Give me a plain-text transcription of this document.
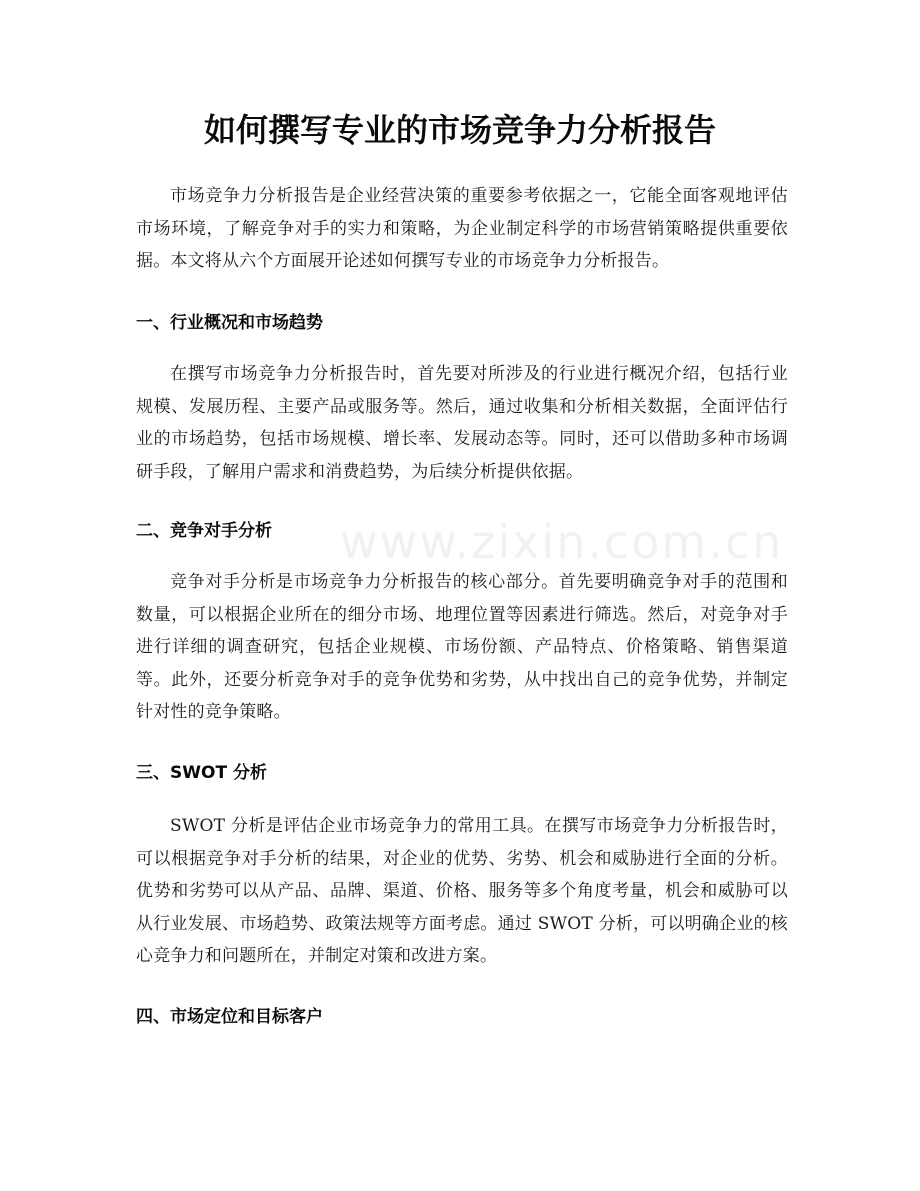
如何撰写专业的市场竞争力分析报告

市场竞争力分析报告是企业经营决策的重要参考依据之一，它能全面客观地评估市场环境，了解竞争对手的实力和策略，为企业制定科学的市场营销策略提供重要依据。本文将从六个方面展开论述如何撰写专业的市场竞争力分析报告。

一、行业概况和市场趋势

在撰写市场竞争力分析报告时，首先要对所涉及的行业进行概况介绍，包括行业规模、发展历程、主要产品或服务等。然后，通过收集和分析相关数据，全面评估行业的市场趋势，包括市场规模、增长率、发展动态等。同时，还可以借助多种市场调研手段，了解用户需求和消费趋势，为后续分析提供依据。

二、竞争对手分析

竞争对手分析是市场竞争力分析报告的核心部分。首先要明确竞争对手的范围和数量，可以根据企业所在的细分市场、地理位置等因素进行筛选。然后，对竞争对手进行详细的调查研究，包括企业规模、市场份额、产品特点、价格策略、销售渠道等。此外，还要分析竞争对手的竞争优势和劣势，从中找出自己的竞争优势，并制定针对性的竞争策略。

三、SWOT 分析

SWOT 分析是评估企业市场竞争力的常用工具。在撰写市场竞争力分析报告时，可以根据竞争对手分析的结果，对企业的优势、劣势、机会和威胁进行全面的分析。优势和劣势可以从产品、品牌、渠道、价格、服务等多个角度考量，机会和威胁可以从行业发展、市场趋势、政策法规等方面考虑。通过 SWOT 分析，可以明确企业的核心竞争力和问题所在，并制定对策和改进方案。

四、市场定位和目标客户
www.zixin.com.cn
